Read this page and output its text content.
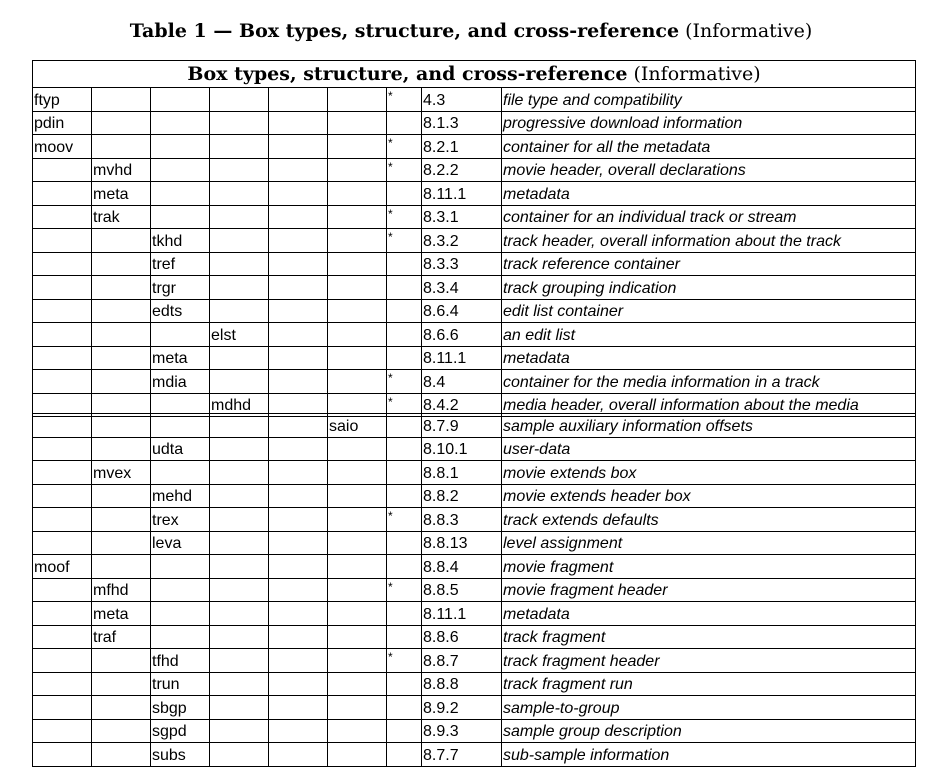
Table 1 — Box types, structure, and cross-reference (Informative)
Box types, structure, and cross-reference (Informative)								
ftyp						*	4.3	file type and compatibility
pdin							8.1.3	progressive download information
moov						*	8.2.1	container for all the metadata
	mvhd					*	8.2.2	movie header, overall declarations
	meta						8.11.1	metadata
	trak					*	8.3.1	container for an individual track or stream
		tkhd				*	8.3.2	track header, overall information about the track
		tref					8.3.3	track reference container
		trgr					8.3.4	track grouping indication
		edts					8.6.4	edit list container
			elst				8.6.6	an edit list
		meta					8.11.1	metadata
		mdia				*	8.4	container for the media information in a track
			mdhd			*	8.4.2	media header, overall information about the media
					saio		8.7.9	sample auxiliary information offsets
		udta					8.10.1	user-data
	mvex						8.8.1	movie extends box
		mehd					8.8.2	movie extends header box
		trex				*	8.8.3	track extends defaults
		leva					8.8.13	level assignment
moof							8.8.4	movie fragment
	mfhd					*	8.8.5	movie fragment header
	meta						8.11.1	metadata
	traf						8.8.6	track fragment
		tfhd				*	8.8.7	track fragment header
		trun					8.8.8	track fragment run
		sbgp					8.9.2	sample-to-group
		sgpd					8.9.3	sample group description
		subs					8.7.7	sub-sample information
